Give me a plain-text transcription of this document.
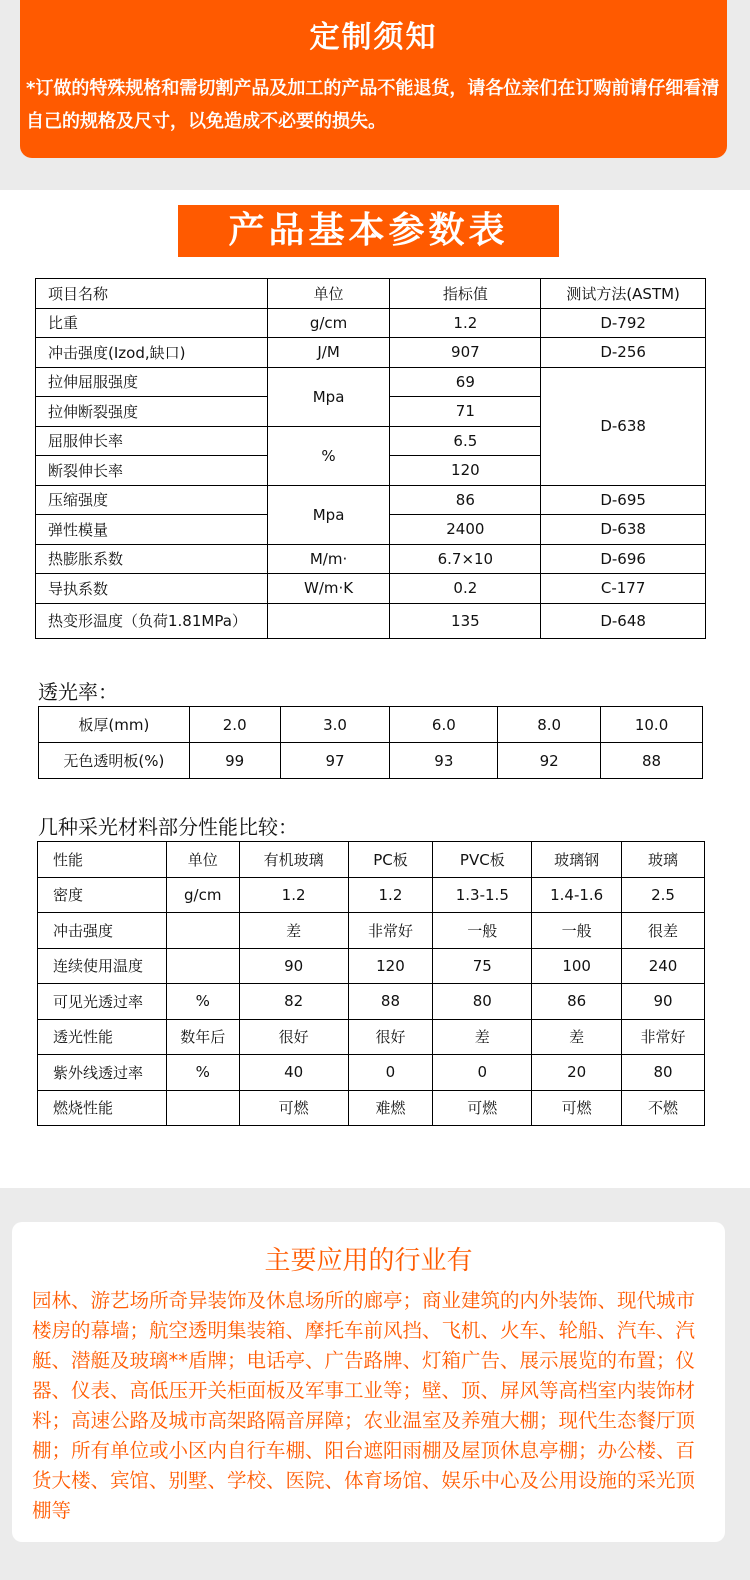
定制须知

*订做的特殊规格和需切割产品及加工的产品不能退货，请各位亲们在订购前请仔细看清自己的规格及尺寸，以免造成不必要的损失。

产品基本参数表
项目名称	单位	指标值	测试方法(ASTM)
比重	g/cm	1.2	D-792
冲击强度(Izod,缺口)	J/M	907	D-256
拉伸屈服强度	Mpa	69	D-638
拉伸断裂强度		71	
屈服伸长率	%	6.5	
断裂伸长率		120	
压缩强度	Mpa	86	D-695
弹性模量		2400	D-638
热膨胀系数	M/m·	6.7×10	D-696
导执系数	W/m·K	0.2	C-177
热变形温度（负荷1.81MPa）		135	D-648
透光率：
板厚(mm)	2.0	3.0	6.0	8.0	10.0
无色透明板(%)	99	97	93	92	88
几种采光材料部分性能比较：
性能	单位	有机玻璃	PC板	PVC板	玻璃钢	玻璃
密度	g/cm	1.2	1.2	1.3-1.5	1.4-1.6	2.5
冲击强度		差	非常好	一般	一般	很差
连续使用温度		90	120	75	100	240
可见光透过率	%	82	88	80	86	90
透光性能	数年后	很好	很好	差	差	非常好
紫外线透过率	%	40	0	0	20	80
燃烧性能		可燃	难燃	可燃	可燃	不燃
主要应用的行业有

园林、游艺场所奇异装饰及休息场所的廊亭；商业建筑的内外装饰、现代城市楼房的幕墙；航空透明集装箱、摩托车前风挡、飞机、火车、轮船、汽车、汽艇、潜艇及玻璃**盾牌；电话亭、广告路牌、灯箱广告、展示展览的布置；仪器、仪表、高低压开关柜面板及军事工业等；壁、顶、屏风等高档室内装饰材料；高速公路及城市高架路隔音屏障；农业温室及养殖大棚；现代生态餐厅顶棚；所有单位或小区内自行车棚、阳台遮阳雨棚及屋顶休息亭棚；办公楼、百货大楼、宾馆、别墅、学校、医院、体育场馆、娱乐中心及公用设施的采光顶棚等
